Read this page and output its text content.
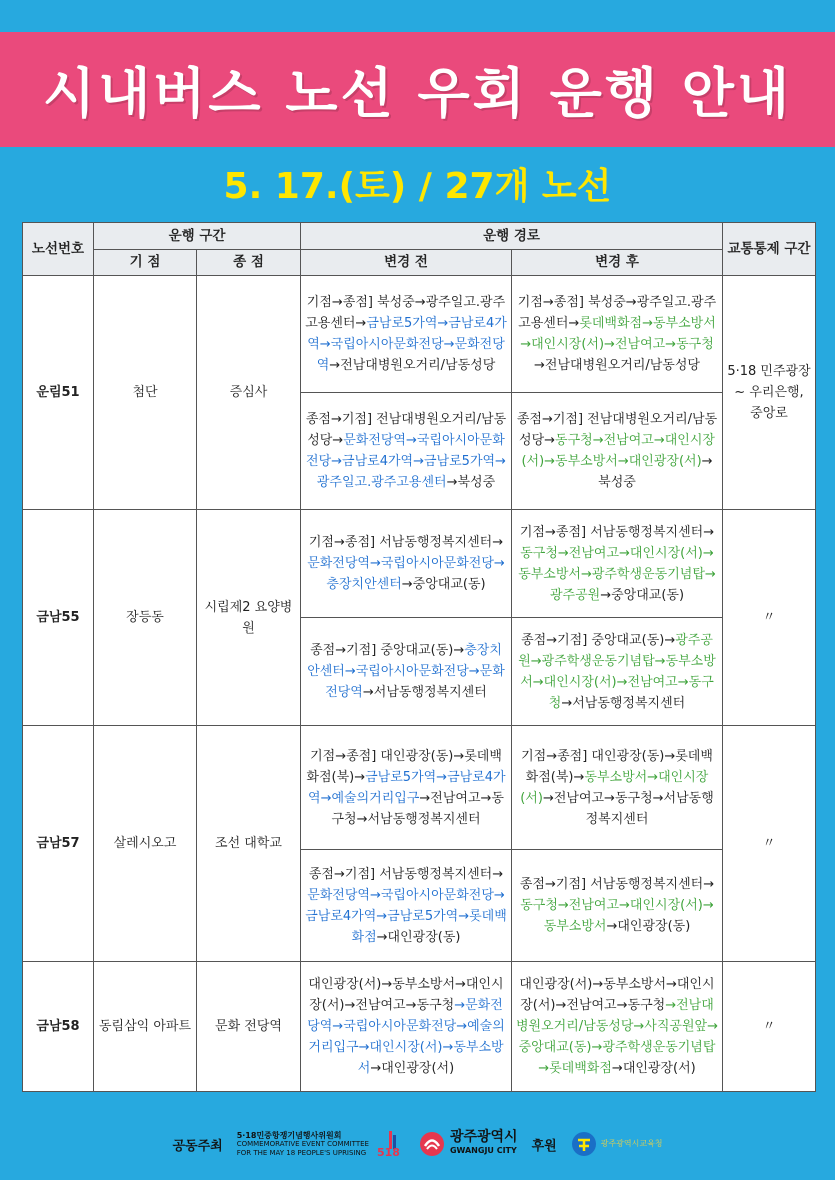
시내버스 노선 우회 운행 안내
5. 17.(토) / 27개 노선
노선번호	운행 구간		운행 경로		교통통제 구간
	기 점	종 점	변경 전	변경 후	
운림51	첨단	증심사	기점→종점] 북성중→광주일고.광주고용센터→금남로5가역→금남로4가역→국립아시아문화전당→문화전당역→전남대병원오거리/남동성당	기점→종점] 북성중→광주일고.광주고용센터→롯데백화점→동부소방서→대인시장(서)→전남여고→동구청→전남대병원오거리/남동성당	5·18 민주광장~ 우리은행, 중앙로
			종점→기점] 전남대병원오거리/남동성당→문화전당역→국립아시아문화전당→금남로4가역→금남로5가역→광주일고.광주고용센터→북성중	종점→기점] 전남대병원오거리/남동성당→동구청→전남여고→대인시장(서)→동부소방서→대인광장(서)→북성중	
금남55	장등동	시립제2 요양병원	기점→종점] 서남동행정복지센터→문화전당역→국립아시아문화전당→충장치안센터→중앙대교(동)	기점→종점] 서남동행정복지센터→동구청→전남여고→대인시장(서)→동부소방서→광주학생운동기념탑→광주공원→중앙대교(동)	〃
			종점→기점] 중앙대교(동)→충장치안센터→국립아시아문화전당→문화전당역→서남동행정복지센터	종점→기점] 중앙대교(동)→광주공원→광주학생운동기념탑→동부소방서→대인시장(서)→전남여고→동구청→서남동행정복지센터	
금남57	살레시오고	조선 대학교	기점→종점] 대인광장(동)→롯데백화점(북)→금남로5가역→금남로4가역→예술의거리입구→전남여고→동구청→서남동행정복지센터	기점→종점] 대인광장(동)→롯데백화점(북)→동부소방서→대인시장(서)→전남여고→동구청→서남동행정복지센터	〃
			종점→기점] 서남동행정복지센터→문화전당역→국립아시아문화전당→금남로4가역→금남로5가역→롯데백화점→대인광장(동)	종점→기점] 서남동행정복지센터→동구청→전남여고→대인시장(서)→동부소방서→대인광장(동)	
금남58	동림삼익 아파트	문화 전당역	대인광장(서)→동부소방서→대인시장(서)→전남여고→동구청→문화전당역→국립아시아문화전당→예술의거리입구→대인시장(서)→동부소방서→대인광장(서)	대인광장(서)→동부소방서→대인시장(서)→전남여고→동구청→전남대병원오거리/남동성당→사직공원앞→중앙대교(동)→광주학생운동기념탑→롯데백화점→대인광장(서)	〃
공동주최
5·18민중항쟁기념행사위원회
COMMEMORATIVE EVENT COMMITTEE
FOR THE MAY 18 PEOPLE'S UPRISING 518
광주광역시
GWANGJU CITY 후원	광주광역시교육청
